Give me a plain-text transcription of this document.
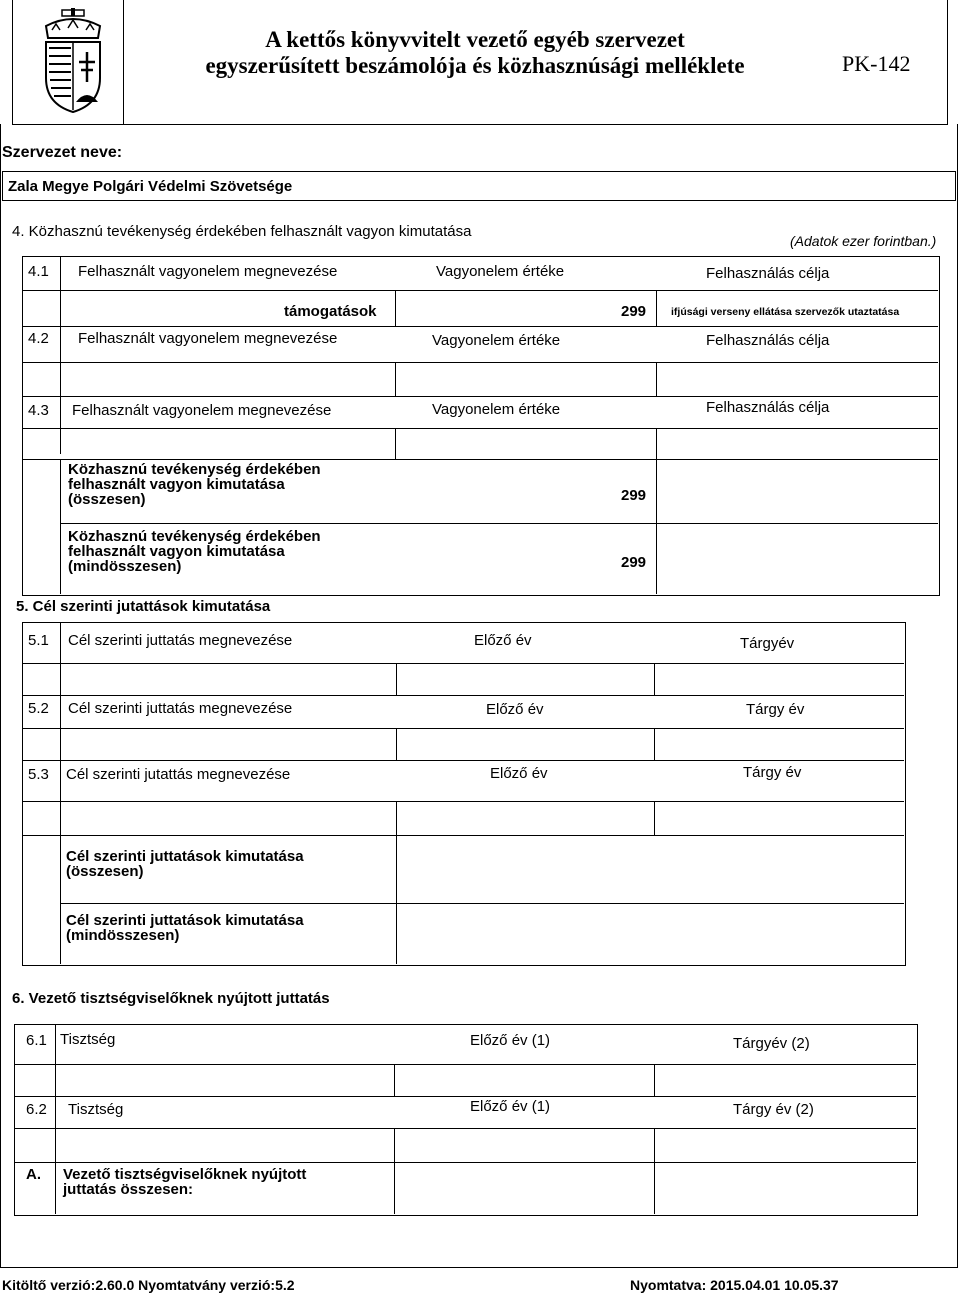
A kettős könyvvitelt vezető egyéb szervezet
egyszerűsített beszámolója és közhasznúsági melléklete	PK-142
Szervezet neve:
Zala Megye Polgári Védelmi Szövetsége
4. Közhasznú tevékenység érdekében felhasznált vagyon kimutatása
(Adatok ezer forintban.)
4.1 Felhasznált vagyonelem megnevezése	Vagyonelem értéke	Felhasználás célja
támogatások	299 ifjúsági verseny ellátása szervezők utaztatása
4.2 Felhasznált vagyonelem megnevezése	Vagyonelem értéke	Felhasználás célja
4.3 Felhasznált vagyonelem megnevezése	Vagyonelem értéke	Felhasználás célja
Közhasznú tevékenység érdekében
felhasznált vagyon kimutatása
(összesen)	299
Közhasznú tevékenység érdekében
felhasznált vagyon kimutatása
(mindösszesen)	299
5. Cél szerinti jutattások kimutatása
5.1 Cél szerinti juttatás megnevezése	Előző év	Tárgyév
5.2 Cél szerinti juttatás megnevezése	Előző év	Tárgy év
5.3 Cél szerinti jutattás megnevezése	Előző év	Tárgy év
Cél szerinti juttatások kimutatása
(összesen)
Cél szerinti juttatások kimutatása
(mindösszesen)
6. Vezető tisztségviselőknek nyújtott juttatás
6.1 Tisztség	Előző év (1)	Tárgyév (2)
6.2 Tisztség	Előző év (1)	Tárgy év (2)
A. Vezető tisztségviselőknek nyújtott
juttatás összesen:
Kitöltő verzió:2.60.0 Nyomtatvány verzió:5.2	Nyomtatva: 2015.04.01 10.05.37
